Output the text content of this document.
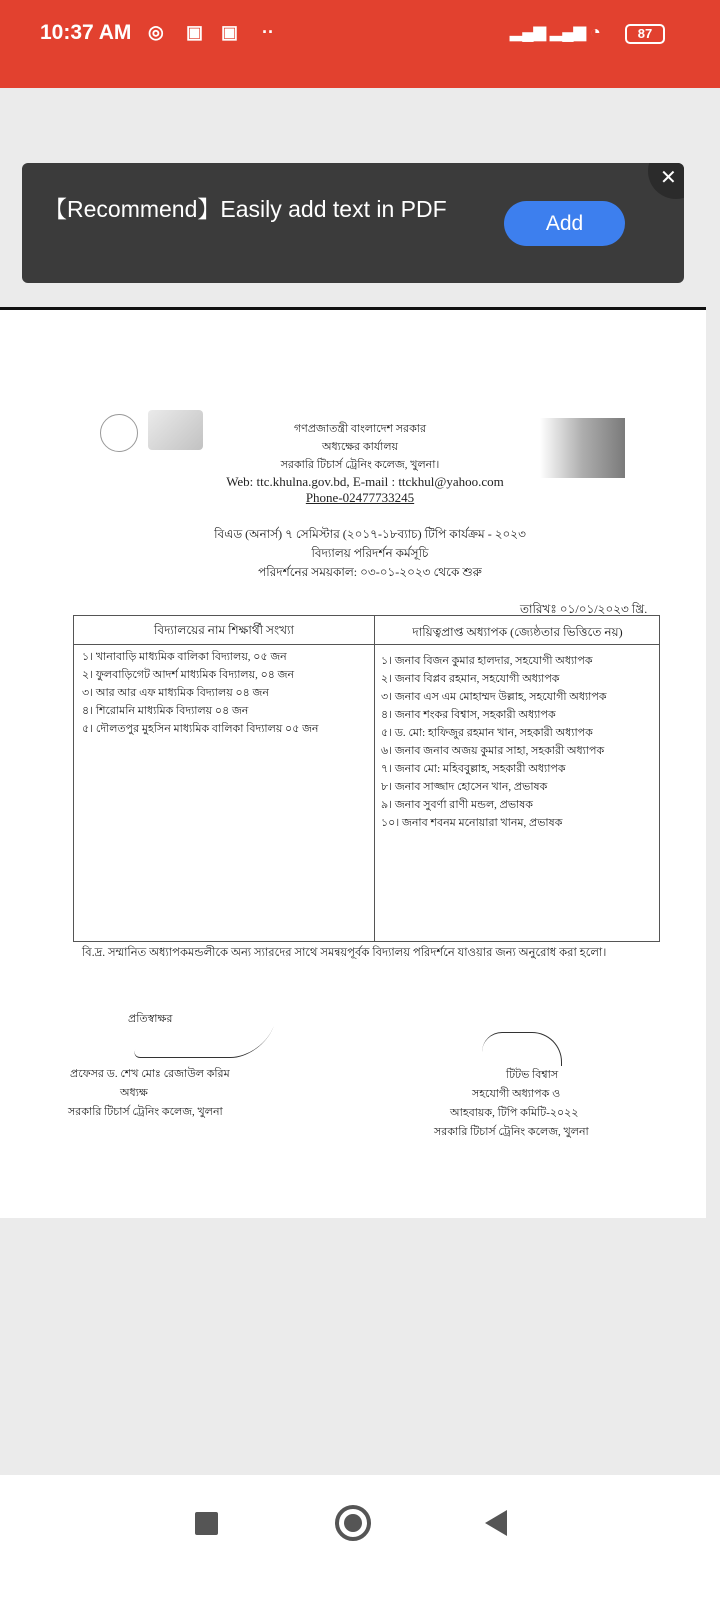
10:37 AM ◎ ▣ ▣ ··	▂▄▆ ▂▄▆ ◔	87
【Recommend】Easily add text in PDF
Add
✕
গণপ্রজাতন্ত্রী বাংলাদেশ সরকার
অধ্যক্ষের কার্যালয়
সরকারি টিচার্স ট্রেনিং কলেজ, খুলনা।
Web: ttc.khulna.gov.bd, E-mail : ttckhul@yahoo.com
Phone-02477733245
বিএড (অনার্স) ৭ সেমিস্টার (২০১৭-১৮ব্যাচ) টিপি কার্যক্রম - ২০২৩
বিদ্যালয় পরিদর্শন কর্মসূচি
পরিদর্শনের সময়কাল: ০৩-০১-২০২৩ থেকে শুরু
তারিখঃ ০১/০১/২০২৩ খ্রি.
বিদ্যালয়ের নাম শিক্ষার্থী সংখ্যা	দায়িত্বপ্রাপ্ত অধ্যাপক (জ্যেষ্ঠতার ভিত্তিতে নয়)
১। খানাবাড়ি মাধ্যমিক বালিকা বিদ্যালয়, ০৫ জন
২। ফুলবাড়িগেট আদর্শ মাধ্যমিক বিদ্যালয়, ০৪ জন
৩। আর আর এফ মাধ্যমিক বিদ্যালয় ০৪ জন
৪। শিরোমনি মাধ্যমিক বিদ্যালয় ০৪ জন
৫। দৌলতপুর মুহসিন মাধ্যমিক বালিকা বিদ্যালয় ০৫ জন
১। জনাব বিজন কুমার হালদার, সহযোগী অধ্যাপক
২। জনাব বিপ্লব রহমান, সহযোগী অধ্যাপক
৩। জনাব এস এম মোহাম্মদ উল্লাহ, সহযোগী অধ্যাপক
৪। জনাব শংকর বিশ্বাস, সহকারী অধ্যাপক
৫। ড. মো: হাফিজুর রহমান খান, সহকারী অধ্যাপক
৬। জনাব জনাব অজয় কুমার সাহা, সহকারী অধ্যাপক
৭। জনাব মো: মহিববুল্লাহ, সহকারী অধ্যাপক
৮। জনাব সাজ্জাদ হোসেন খান, প্রভাষক
৯। জনাব সুবর্ণা রাণী মন্ডল, প্রভাষক
১০। জনাব শবনম মনোয়ারা খানম, প্রভাষক
বি.দ্র. সম্মানিত অধ্যাপকমন্ডলীকে অন্য স্যারদের সাথে সমন্বয়পূর্বক বিদ্যালয় পরিদর্শনে যাওয়ার জন্য অনুরোধ করা হলো।
প্রতিস্বাক্ষর
প্রফেসর ড. শেখ মোঃ রেজাউল করিম
অধ্যক্ষ
সরকারি টিচার্স ট্রেনিং কলেজ, খুলনা
টিটভ বিশ্বাস
সহযোগী অধ্যাপক ও
আহবায়ক, টিপি কমিটি-২০২২
সরকারি টিচার্স ট্রেনিং কলেজ, খুলনা
